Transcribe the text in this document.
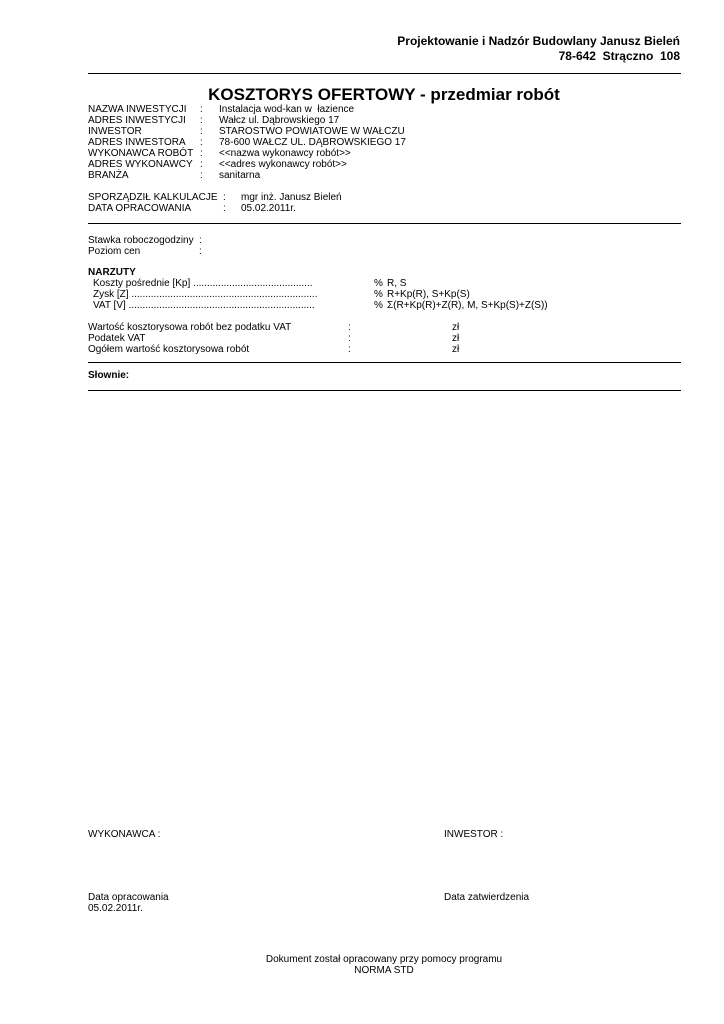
Projektowanie i Nadzór Budowlany Janusz Bieleń
78-642  Strączno  108
KOSZTORYS OFERTOWY - przedmiar robót
NAZWA INWESTYCJI : Instalacja wod-kan w  łazience
ADRES INWESTYCJI : Wałcz ul. Dąbrowskiego 17
INWESTOR	: STAROSTWO POWIATOWE W WAŁCZU
ADRES INWESTORA : 78-600 WAŁCZ UL. DĄBROWSKIEGO 17
WYKONAWCA ROBÓT : <<nazwa wykonawcy robót>>
ADRES WYKONAWCY : <<adres wykonawcy robót>>
BRANŻA	: sanitarna
SPORZĄDZIŁ KALKULACJE : mgr inż. Janusz Bieleń
DATA OPRACOWANIA	: 05.02.2011r.
Stawka roboczogodziny :
Poziom cen	:
NARZUTY
Koszty pośrednie [Kp] ...........................................	% R, S
Zysk [Z] ...................................................................	% R+Kp(R), S+Kp(S)
VAT [V] ...................................................................	% Σ(R+Kp(R)+Z(R), M, S+Kp(S)+Z(S))
Wartość kosztorysowa robót bez podatku VAT	:	zł
Podatek VAT	:	zł
Ogółem wartość kosztorysowa robót	:	zł
Słownie:
WYKONAWCA :	INWESTOR :
Data opracowania
05.02.2011r.
Data zatwierdzenia
Dokument został opracowany przy pomocy programu
NORMA STD
